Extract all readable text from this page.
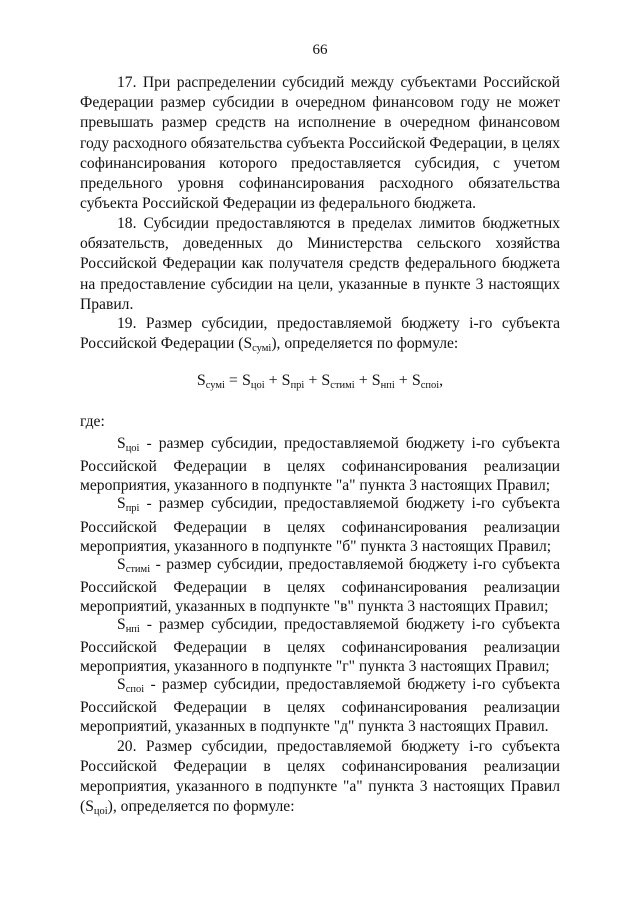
66

17. При распределении субсидий между субъектами Российской Федерации размер субсидии в очередном финансовом году не может превышать размер средств на исполнение в очередном финансовом году расходного обязательства субъекта Российской Федерации, в целях софинансирования которого предоставляется субсидия, с учетом предельного уровня софинансирования расходного обязательства субъекта Российской Федерации из федерального бюджета.

18. Субсидии предоставляются в пределах лимитов бюджетных обязательств, доведенных до Министерства сельского хозяйства Российской Федерации как получателя средств федерального бюджета на предоставление субсидии на цели, указанные в пункте 3 настоящих Правил.

19. Размер субсидии, предоставляемой бюджету i-го субъекта
Российской Федерации $(S_{сумi})$, определяется по формуле:
$S_{сумi} = S_{цоi} + S_{прi} + S_{стимi} + S_{нпi} + S_{спoi}$,
где:
$S_{цоi}$ - размер субсидии, предоставляемой бюджету i-го субъекта
Российской Федерации в целях софинансирования реализации
мероприятия, указанного в подпункте "а" пункта 3 настоящих Правил;
$S_{прi}$ - размер субсидии, предоставляемой бюджету i-го субъекта
Российской Федерации в целях софинансирования реализации
мероприятия, указанного в подпункте "б" пункта 3 настоящих Правил;
$S_{стимi}$ - размер субсидии, предоставляемой бюджету i-го субъекта
Российской Федерации в целях софинансирования реализации
мероприятий, указанных в подпункте "в" пункта 3 настоящих Правил;
$S_{нпi}$ - размер субсидии, предоставляемой бюджету i-го субъекта
Российской Федерации в целях софинансирования реализации
мероприятия, указанного в подпункте "г" пункта 3 настоящих Правил;
$S_{спoi}$ - размер субсидии, предоставляемой бюджету i-го субъекта
Российской Федерации в целях софинансирования реализации
мероприятий, указанных в подпункте "д" пункта 3 настоящих Правил.
20. Размер субсидии, предоставляемой бюджету i-го субъекта
Российской Федерации в целях софинансирования реализации
мероприятия, указанного в подпункте "а" пункта 3 настоящих Правил
$(S_{цоi})$, определяется по формуле:
